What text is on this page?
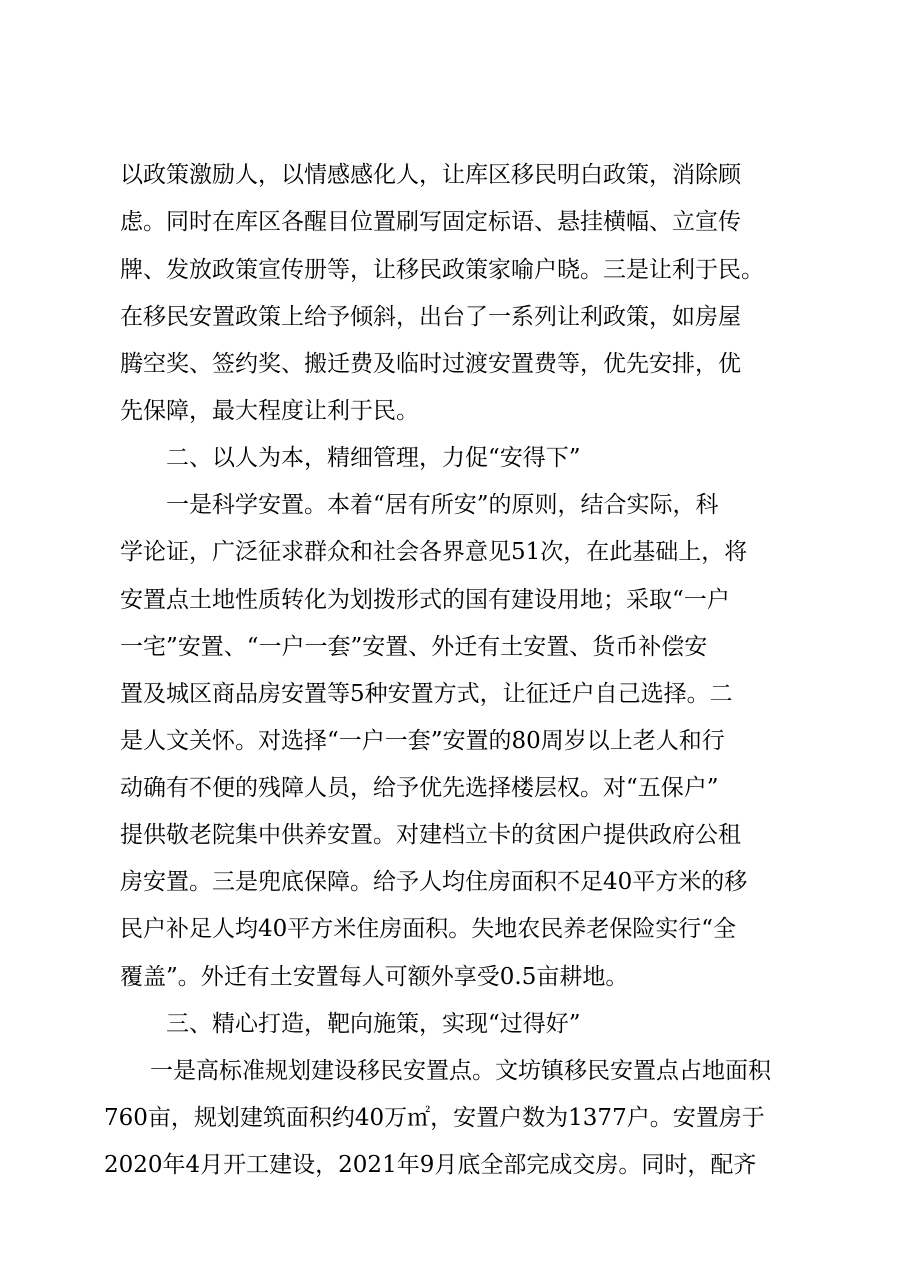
以政策激励人，以情感感化人，让库区移民明白政策，消除顾
虑。同时在库区各醒目位置刷写固定标语、悬挂横幅、立宣传
牌、发放政策宣传册等，让移民政策家喻户晓。三是让利于民。
在移民安置政策上给予倾斜，出台了一系列让利政策，如房屋
腾空奖、签约奖、搬迁费及临时过渡安置费等，优先安排，优
先保障，最大程度让利于民。
二、以人为本，精细管理，力促“安得下”
一是科学安置。本着“居有所安”的原则，结合实际，科
学论证，广泛征求群众和社会各界意见51次，在此基础上，将
安置点土地性质转化为划拨形式的国有建设用地；采取“一户
一宅”安置、“一户一套”安置、外迁有土安置、货币补偿安
置及城区商品房安置等5种安置方式，让征迁户自己选择。二
是人文关怀。对选择“一户一套”安置的80周岁以上老人和行
动确有不便的残障人员，给予优先选择楼层权。对“五保户”
提供敬老院集中供养安置。对建档立卡的贫困户提供政府公租
房安置。三是兜底保障。给予人均住房面积不足40平方米的移
民户补足人均40平方米住房面积。失地农民养老保险实行“全
覆盖”。外迁有土安置每人可额外享受0.5亩耕地。
三、精心打造，靶向施策，实现“过得好”
一是高标准规划建设移民安置点。文坊镇移民安置点占地面积
760亩，规划建筑面积约40万㎡，安置户数为1377户。安置房于
2020年4月开工建设，2021年9月底全部完成交房。同时，配齐
